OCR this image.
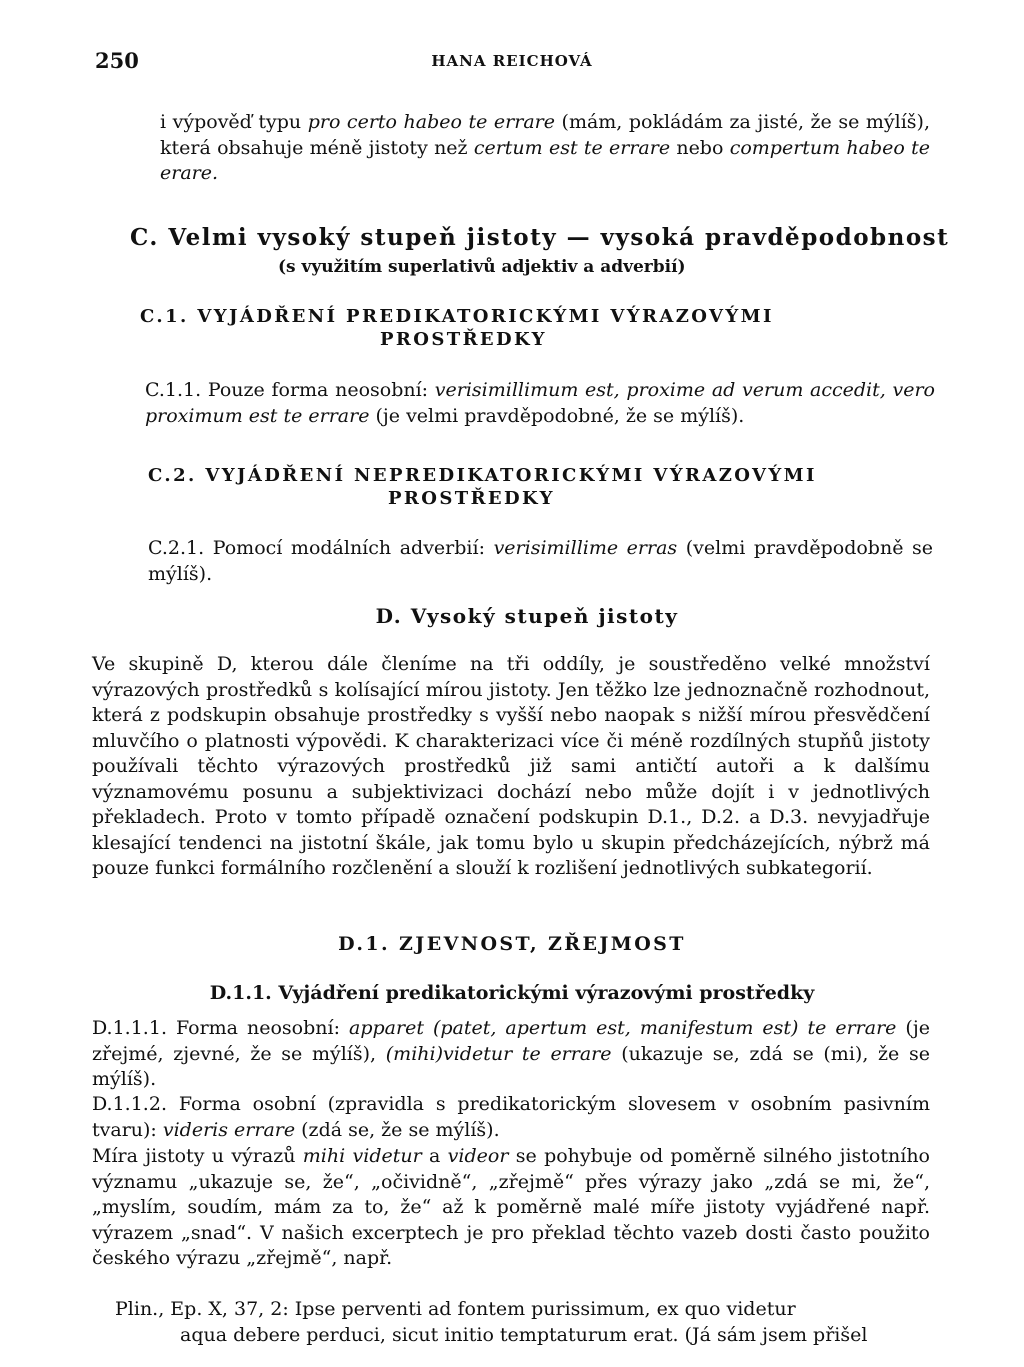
250	HANA REICHOVÁ

i výpověď typu pro certo habeo te errare (mám, pokládám za jisté, že se mýlíš), která obsahuje méně jistoty než certum est te errare nebo compertum habeo te erare.

C. Velmi vysoký stupeň jistoty — vysoká pravděpodobnost
(s využitím superlativů adjektiv a adverbií)
C.1. VYJÁDŘENÍ PREDIKATORICKÝMI VÝRAZOVÝMI
PROSTŘEDKY

C.1.1. Pouze forma neosobní: verisimillimum est, proxime ad verum accedit, vero proximum est te errare (je velmi pravděpodobné, že se mýlíš).

C.2. VYJÁDŘENÍ NEPREDIKATORICKÝMI VÝRAZOVÝMI
PROSTŘEDKY

C.2.1. Pomocí modálních adverbií: verisimillime erras (velmi pravděpodobně se mýlíš).

D. Vysoký stupeň jistoty

Ve skupině D, kterou dále členíme na tři oddíly, je soustředěno velké množství výrazových prostředků s kolísající mírou jistoty. Jen těžko lze jednoznačně rozhodnout, která z podskupin obsahuje prostředky s vyšší nebo naopak s nižší mírou přesvědčení mluvčího o platnosti výpovědi. K charakterizaci více či méně rozdílných stupňů jistoty používali těchto výrazových prostředků již sami antičtí autoři a k dalšímu významovému posunu a subjektivizaci dochází nebo může dojít i v jednotlivých překladech. Proto v tomto případě označení podskupin D.1., D.2. a D.3. nevyjadřuje klesající tendenci na jistotní škále, jak tomu bylo u skupin předcházejících, nýbrž má pouze funkci formálního rozčlenění a slouží k rozlišení jednotlivých subkategorií.

D.1. ZJEVNOST, ZŘEJMOST
D.1.1. Vyjádření predikatorickými výrazovými prostředky

D.1.1.1. Forma neosobní: apparet (patet, apertum est, manifestum est) te errare (je zřejmé, zjevné, že se mýlíš), (mihi)videtur te errare (ukazuje se, zdá se (mi), že se mýlíš).

D.1.1.2. Forma osobní (zpravidla s predikatorickým slovesem v osobním pasivním tvaru): videris errare (zdá se, že se mýlíš).

Míra jistoty u výrazů mihi videtur a videor se pohybuje od poměrně silného jistotního významu „ukazuje se, že“, „očividně“, „zřejmě“ přes výrazy jako „zdá se mi, že“, „myslím, soudím, mám za to, že“ až k poměrně malé míře jistoty vyjádřené např. výrazem „snad“. V našich excerptech je pro překlad těchto vazeb dosti často použito českého výrazu „zřejmě“, např.

Plin., Ep. X, 37, 2: Ipse perventi ad fontem purissimum, ex quo videtur
aqua debere perduci, sicut initio temptaturum erat. (Já sám jsem přišel
